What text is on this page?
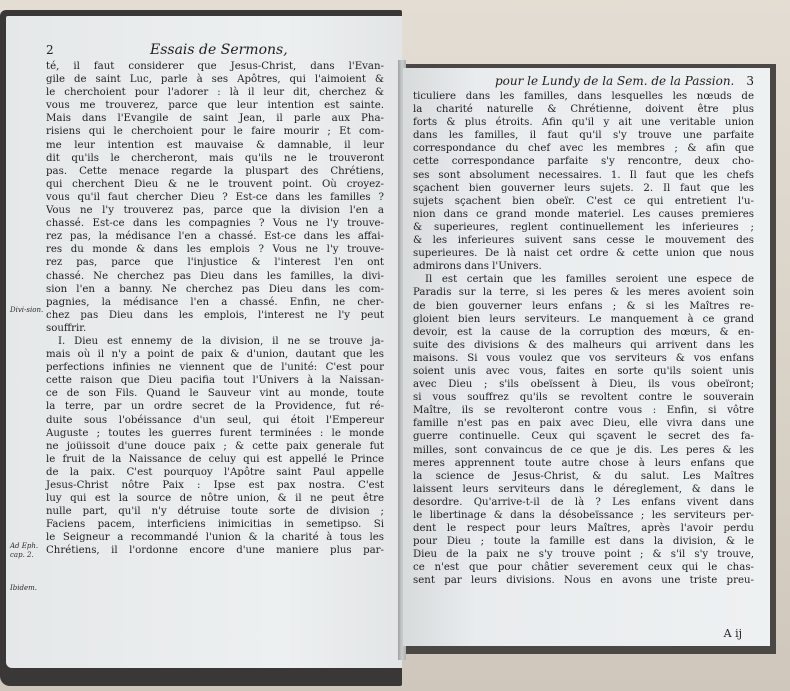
2	Essais de Sermons,
té, il faut considerer que Jesus-Christ, dans l'Evan-
gile de saint Luc, parle à ses Apôtres, qui l'aimoient &
le cherchoient pour l'adorer : là il leur dit, cherchez &
vous me trouverez, parce que leur intention est sainte.
Mais dans l'Evangile de saint Jean, il parle aux Pha-
risiens qui le cherchoient pour le faire mourir ; Et com-
me leur intention est mauvaise & damnable, il leur
dit qu'ils le chercheront, mais qu'ils ne le trouveront
pas. Cette menace regarde la pluspart des Chrétiens,
qui cherchent Dieu & ne le trouvent point. Où croyez-
vous qu'il faut chercher Dieu ? Est-ce dans les familles ?
Vous ne l'y trouverez pas, parce que la division l'en a
chassé. Est-ce dans les compagnies ? Vous ne l'y trouve-
rez pas, la médisance l'en a chassé. Est-ce dans les affai-
res du monde & dans les emplois ? Vous ne l'y trouve-
rez pas, parce que l'injustice & l'interest l'en ont
chassé. Ne cherchez pas Dieu dans les familles, la divi-
sion l'en a banny. Ne cherchez pas Dieu dans les com-
pagnies, la médisance l'en a chassé. Enfin, ne cher-
chez pas Dieu dans les emplois, l'interest ne l'y peut
souffrir.
I. Dieu est ennemy de la division, il ne se trouve ja-
mais où il n'y a point de paix & d'union, dautant que les
perfections infinies ne viennent que de l'unité: C'est pour
cette raison que Dieu pacifia tout l'Univers à la Naissan-
ce de son Fils. Quand le Sauveur vint au monde, toute
la terre, par un ordre secret de la Providence, fut ré-
duite sous l'obéissance d'un seul, qui étoit l'Empereur
Auguste ; toutes les guerres furent terminées : le monde
ne joüissoit d'une douce paix ; & cette paix generale fut
le fruit de la Naissance de celuy qui est appellé le Prince
de la paix. C'est pourquoy l'Apôtre saint Paul appelle
Jesus-Christ nôtre Paix : Ipse est pax nostra. C'est
luy qui est la source de nôtre union, & il ne peut être
nulle part, qu'il n'y détruise toute sorte de division ;
Faciens pacem, interficiens inimicitias in semetipso. Si
le Seigneur a recommandé l'union & la charité à tous les
Chrétiens, il l'ordonne encore d'une maniere plus par-
Divi-sion.
Ad Eph. cap. 2.
Ibidem.
pour le Lundy de la Sem. de la Passion.	3
ticuliere dans les familles, dans lesquelles les nœuds de
la charité naturelle & Chrétienne, doivent être plus
forts & plus étroits. Afin qu'il y ait une veritable union
dans les familles, il faut qu'il s'y trouve une parfaite
correspondance du chef avec les membres ; & afin que
cette correspondance parfaite s'y rencontre, deux cho-
ses sont absolument necessaires. 1. Il faut que les chefs
sçachent bien gouverner leurs sujets. 2. Il faut que les
sujets sçachent bien obeïr. C'est ce qui entretient l'u-
nion dans ce grand monde materiel. Les causes premieres
& superieures, reglent continuellement les inferieures ;
& les inferieures suivent sans cesse le mouvement des
superieures. De là naist cet ordre & cette union que nous
admirons dans l'Univers.
Il est certain que les familles seroient une espece de
Paradis sur la terre, si les peres & les meres avoient soin
de bien gouverner leurs enfans ; & si les Maîtres re-
gloient bien leurs serviteurs. Le manquement à ce grand
devoir, est la cause de la corruption des mœurs, & en-
suite des divisions & des malheurs qui arrivent dans les
maisons. Si vous voulez que vos serviteurs & vos enfans
soient unis avec vous, faites en sorte qu'ils soient unis
avec Dieu ; s'ils obeïssent à Dieu, ils vous obeïront;
si vous souffrez qu'ils se revoltent contre le souverain
Maître, ils se revolteront contre vous : Enfin, si vôtre
famille n'est pas en paix avec Dieu, elle vivra dans une
guerre continuelle. Ceux qui sçavent le secret des fa-
milles, sont convaincus de ce que je dis. Les peres & les
meres apprennent toute autre chose à leurs enfans que
la science de Jesus-Christ, & du salut. Les Maîtres
laissent leurs serviteurs dans le déreglement, & dans le
desordre. Qu'arrive-t-il de là ? Les enfans vivent dans
le libertinage & dans la désobeïssance ; les serviteurs per-
dent le respect pour leurs Maîtres, après l'avoir perdu
pour Dieu ; toute la famille est dans la division, & le
Dieu de la paix ne s'y trouve point ; & s'il s'y trouve,
ce n'est que pour châtier severement ceux qui le chas-
sent par leurs divisions. Nous en avons une triste preu-
A ij
